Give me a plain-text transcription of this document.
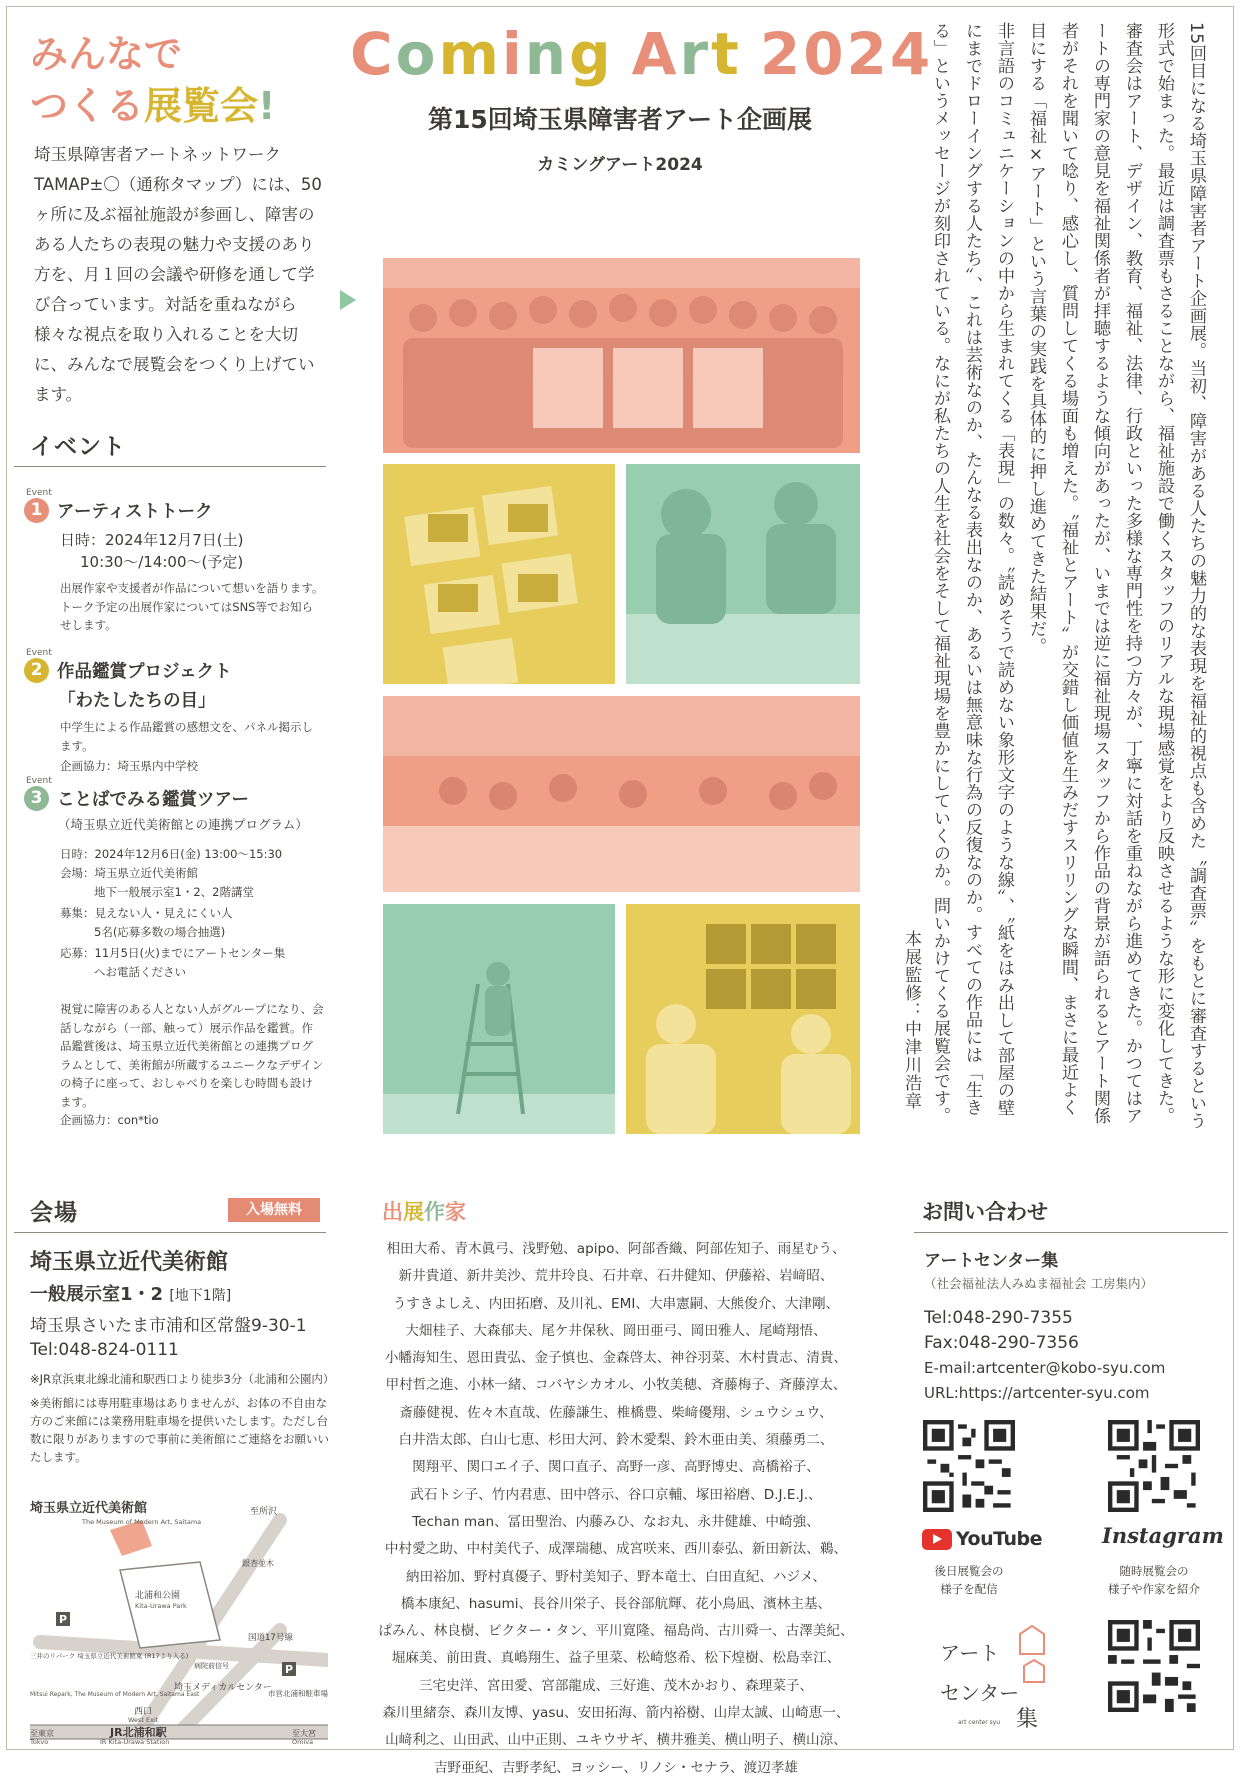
みんなで
つくる展覧会!
埼玉県障害者アートネットワークTAMAP±〇（通称タマップ）には、50ヶ所に及ぶ福祉施設が参画し、障害のある人たちの表現の魅力や支援のあり方を、月１回の会議や研修を通して学び合っています。対話を重ねながら様々な視点を取り入れることを大切に、みんなで展覧会をつくり上げています。
イベント
Event
1 アーティストトーク
日時：2024年12月7日(土)
10:30〜/14:00〜(予定)
出展作家や支援者が作品について想いを語ります。トーク予定の出展作家についてはSNS等でお知らせします。
Event
2 作品鑑賞プロジェクト
「わたしたちの目」
中学生による作品鑑賞の感想文を、パネル掲示します。
企画協力：埼玉県内中学校
Event
3 ことばでみる鑑賞ツアー
（埼玉県立近代美術館との連携プログラム）
日時：2024年12月6日(金) 13:00〜15:30
会場：埼玉県立近代美術館
地下一般展示室1・2、2階講堂
募集：見えない人・見えにくい人
5名(応募多数の場合抽選)
応募：11月5日(火)までにアートセンター集
へお電話ください
視覚に障害のある人とない人がグループになり、会話しながら（一部、触って）展示作品を鑑賞。作品鑑賞後は、埼玉県立近代美術館との連携プログラムとして、美術館が所蔵するユニークなデザインの椅子に座って、おしゃべりを楽しむ時間も設けます。
企画協力：con*tio
Coming Art 2024
第15回埼玉県障害者アート企画展
カミングアート2024	15回目になる埼玉県障害者アート企画展。当初、障害がある人たちの魅力的な表現を福祉的視点も含めた〝調査票〟をもとに審査するという形式で始まった。最近は調査票もさることながら、福祉施設で働くスタッフのリアルな現場感覚をより反映させるような形に変化してきた。審査会はアート、デザイン、教育、福祉、法律、行政といった多様な専門性を持つ方々が、丁寧に対話を重ねながら進めてきた。かつてはアートの専門家の意見を福祉関係者が拝聴するような傾向があったが、いまでは逆に福祉現場スタッフから作品の背景が語られるとアート関係者がそれを聞いて唸り、感心し、質問してくる場面も増えた。〝福祉とアート〟が交錯し価値を生みだすスリリングな瞬間、まさに最近よく目にする「福祉×アート」という言葉の実践を具体的に押し進めてきた結果だ。

非言語のコミュニケーションの中から生まれてくる「表現」の数々。〝読めそうで読めない象形文字のような線〟、〝紙をはみ出して部屋の壁にまでドローイングする人たち〟、これは芸術なのか、たんなる表出なのか、あるいは無意味な行為の反復なのか。すべての作品には「生きる」というメッセージが刻印されている。なにが私たちの人生を社会をそして福祉現場を豊かにしていくのか。問いかけてくる展覧会です。

本展監修：中津川浩章
会場	入場無料
埼玉県立近代美術館
一般展示室1・2 [地下1階]
埼玉県さいたま市浦和区常盤9-30-1
Tel:048-824-0111
※JR京浜東北線北浦和駅西口より徒歩3分（北浦和公園内）
※美術館には専用駐車場はありませんが、お体の不自由な方のご来館には業務用駐車場を提供いたします。ただし台数に限りがありますので事前に美術館にご連絡をお願いいたします。
埼玉県立近代美術館
The Museum of Modern Art, Saitama
至所沢
北浦和公園
Kita-Urawa Park
銀杏並木
国道17号線
病院前信号
三井のリパーク 埼玉県立近代美術館東 (R17より入る)
Mitsui Repark, The Museum of Modern Art, Saitama East
西口
West Exit
埼玉メディカルセンター
市営北浦和駐車場
JR北浦和駅
JR Kita-Urawa Station
至東京
Tokyo
至大宮
Omiya
P
P
出展作家
相田大希、青木眞弓、浅野勉、apipo、阿部香織、阿部佐知子、雨星むう、
新井貴道、新井美沙、荒井玲良、石井章、石井健知、伊藤裕、岩﨑昭、
うすきよしえ、内田拓磨、及川礼、EMI、大串憲嗣、大熊俊介、大津剛、
大畑桂子、大森郁夫、尾ケ井保秋、岡田亜弓、岡田雅人、尾崎翔悟、
小幡海知生、恩田貴弘、金子慎也、金森啓太、神谷羽菜、木村貴志、清貴、
甲村哲之進、小林一緒、コバヤシカオル、小牧美穂、斉藤梅子、斉藤淳太、
斎藤健視、佐々木直哉、佐藤謙生、椎橋豊、柴﨑優翔、シュウシュウ、
白井浩太郎、白山七恵、杉田大河、鈴木愛梨、鈴木亜由美、須藤勇二、
関翔平、関口エイ子、関口直子、高野一彦、高野博史、高橋裕子、
武石トシ子、竹内君恵、田中啓示、谷口京輔、塚田裕磨、D.J.E.J.、
Techan man、冨田聖治、内藤みひ、なお丸、永井健雄、中崎強、
中村愛之助、中村美代子、成澤瑞穂、成宮咲来、西川泰弘、新田新汰、鵜、
納田裕加、野村真優子、野村美知子、野本竜士、白田直紀、ハジメ、
橋本康紀、hasumi、長谷川栄子、長谷部航輝、花小鳥凪、濱林主基、
ぱみん、林良樹、ビクター・タン、平川寛隆、福島尚、古川舜一、古澤美紀、
堀麻美、前田貴、真嶋翔生、益子里菜、松崎悠希、松下煌樹、松島幸江、
三宅史洋、宮田愛、宮部龍成、三好進、茂木かおり、森理菜子、
森川里緒奈、森川友博、yasu、安田拓海、箭内裕樹、山岸太誠、山崎恵一、
山﨑利之、山田武、山中正則、ユキウサギ、横井雅美、横山明子、横山涼、
吉野亜紀、吉野孝紀、ヨッシー、リノシ・セナラ、渡辺孝雄
お問い合わせ
アートセンター集
（社会福祉法人みぬま福祉会 工房集内）
Tel:048-290-7355
Fax:048-290-7356
E-mail:artcenter@kobo-syu.com
URL:https://artcenter-syu.com
YouTube	Instagram
後日展覧会の
様子を配信
随時展覧会の
様子や作家を紹介
アート
センター
集
art center syu
